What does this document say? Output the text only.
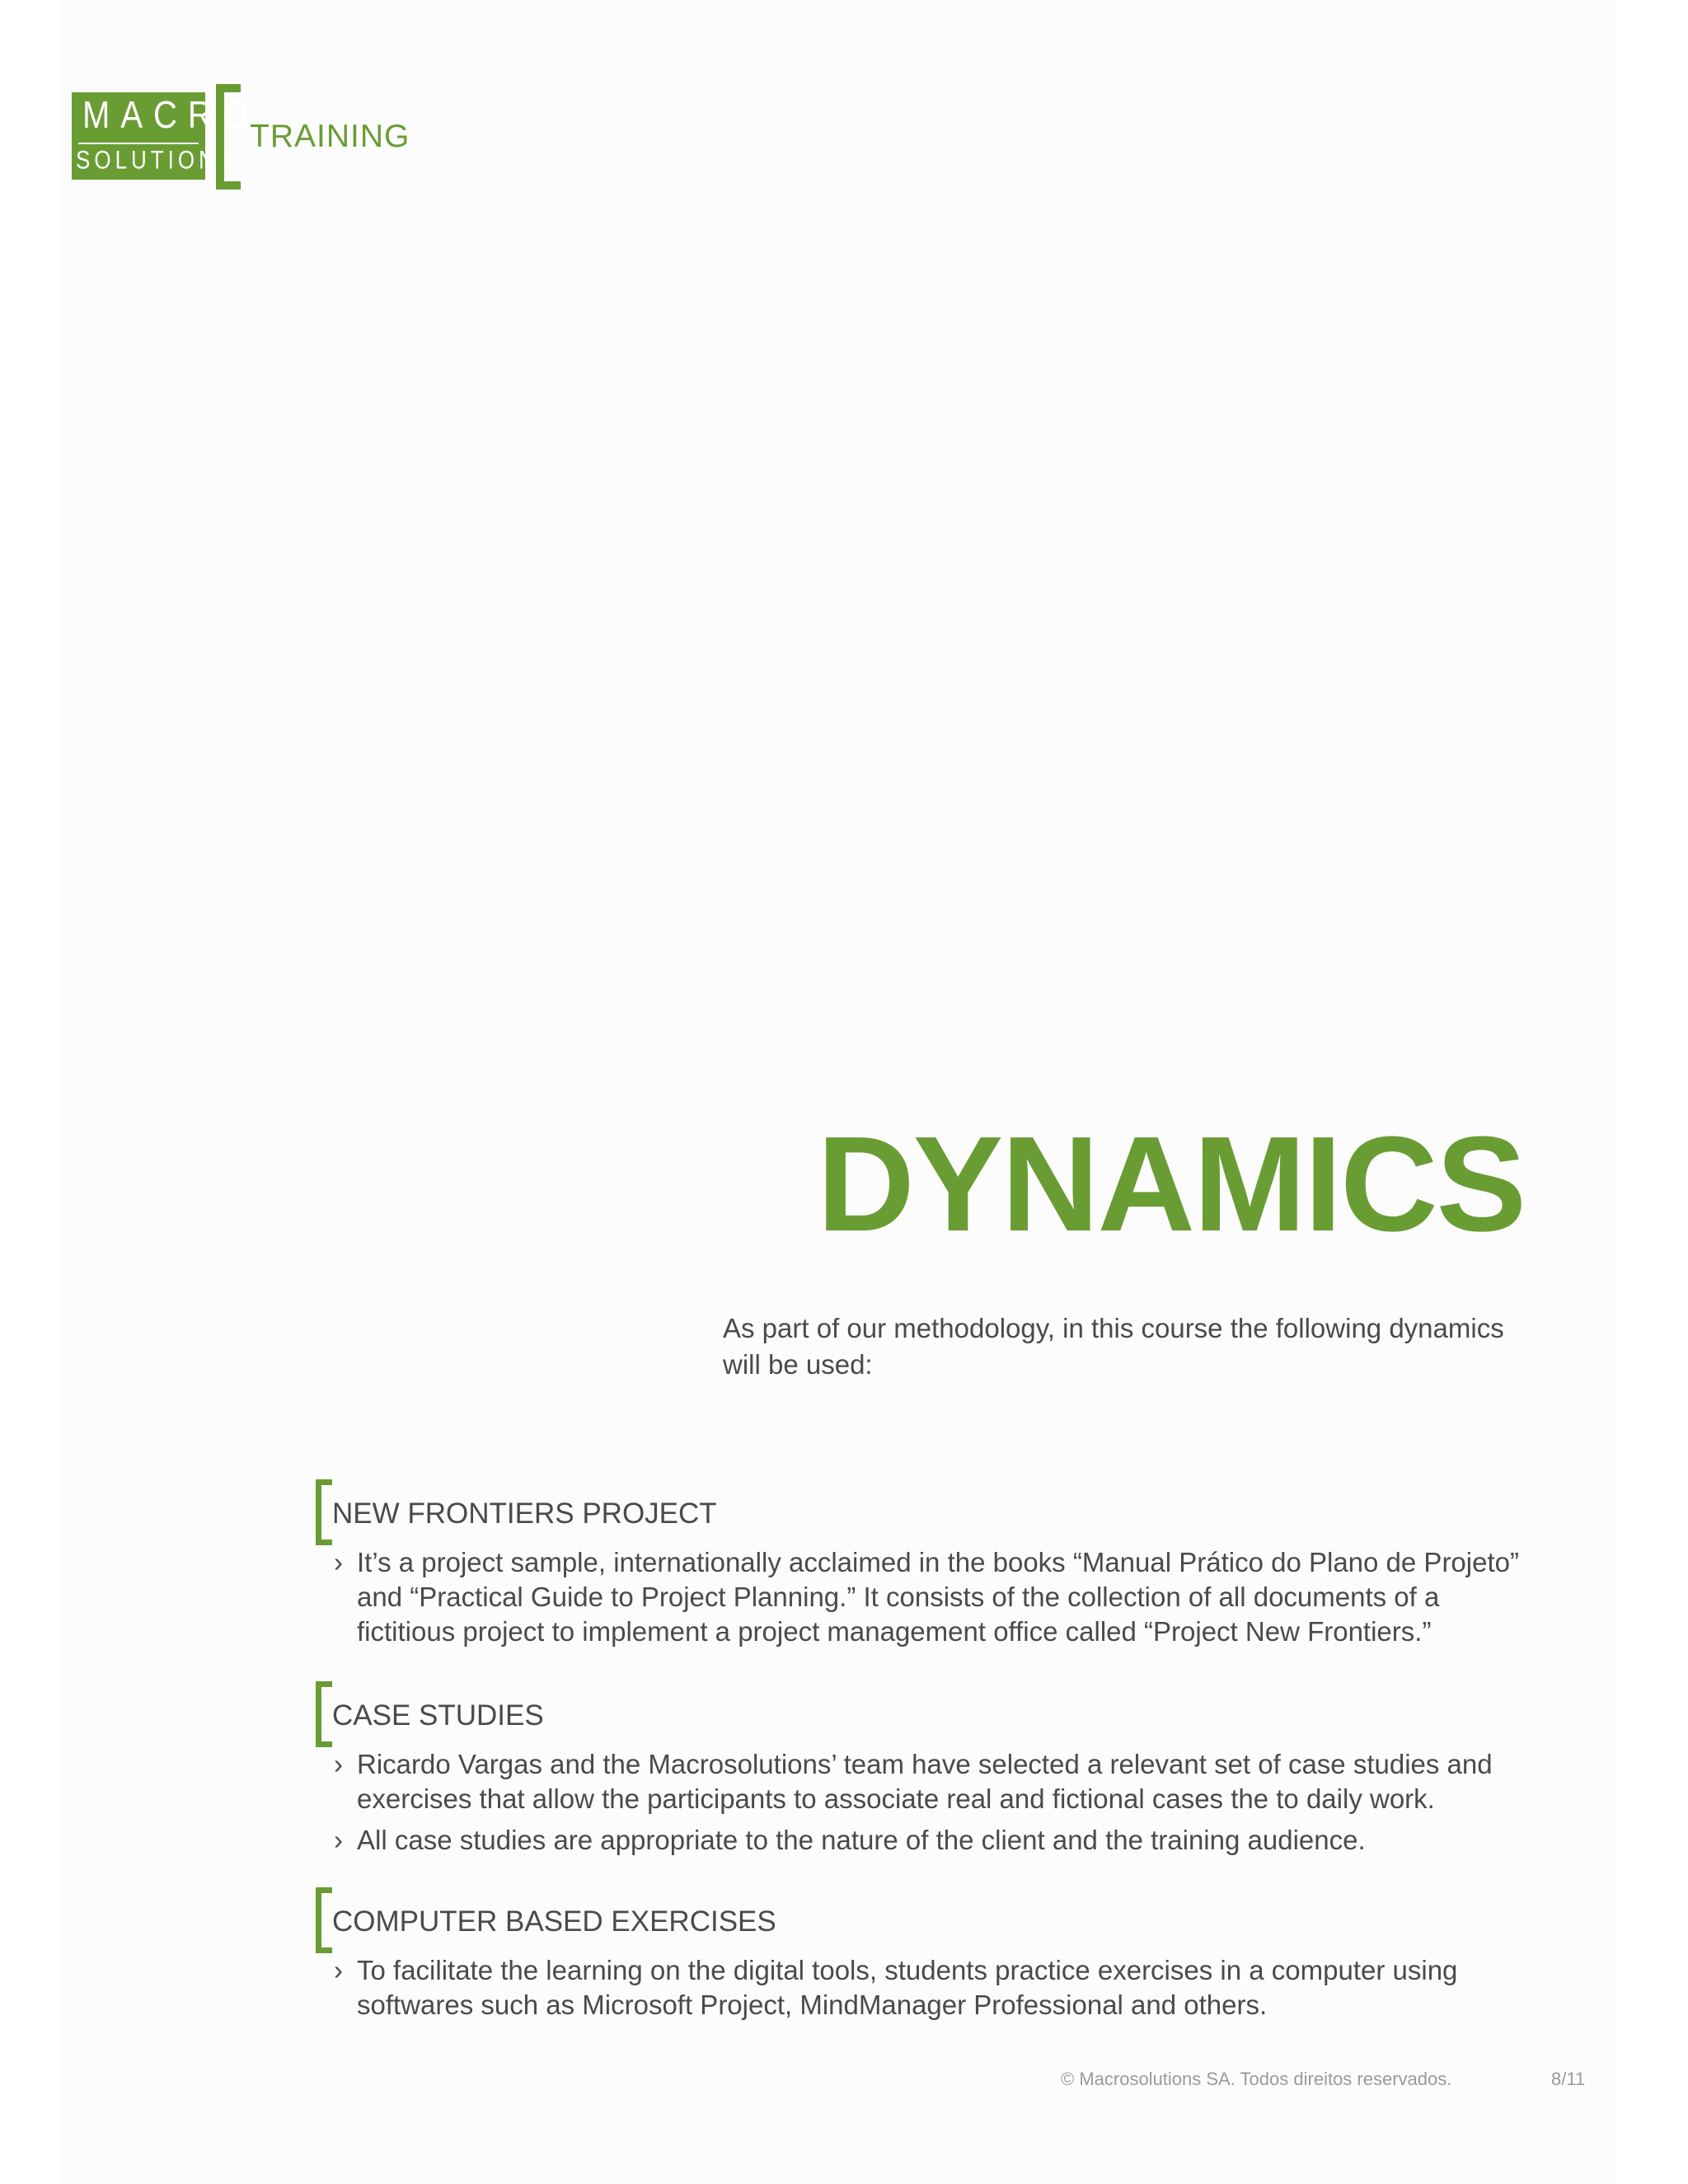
MACRO
SOLUTIONS
TRAINING
DYNAMICS
As part of our methodology, in this course the following dynamics will be used:
NEW FRONTIERS PROJECT
› It’s a project sample, internationally acclaimed in the books “Manual Prático do Plano de Projeto” and “Practical Guide to Project Planning.” It consists of the collection of all documents of a fictitious project to implement a project management office called “Project New Frontiers.”
CASE STUDIES
› Ricardo Vargas and the Macrosolutions’ team have selected a relevant set of case studies and exercises that allow the participants to associate real and fictional cases the to daily work.
› All case studies are appropriate to the nature of the client and the training audience.
COMPUTER BASED EXERCISES
› To facilitate the learning on the digital tools, students practice exercises in a computer using softwares such as Microsoft Project, MindManager Professional and others.
© Macrosolutions SA. Todos direitos reservados.	8/11
